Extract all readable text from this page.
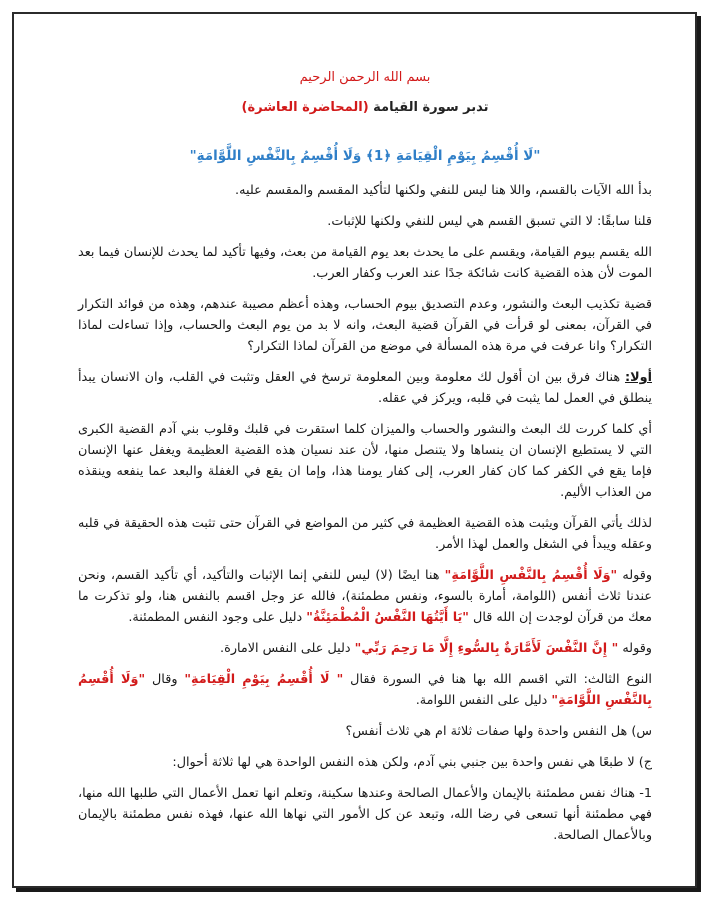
بسم الله الرحمن الرحيم
تدبر سورة القيامة (المحاضرة العاشرة)
"لَا أُقْسِمُ بِيَوْمِ الْقِيَامَةِ ﴿1﴾ وَلَا أُقْسِمُ بِالنَّفْسِ اللَّوَّامَةِ"

بدأ الله الآيات بالقسم، واللا هنا ليس للنفي ولكنها لتأكيد المقسم والمقسم عليه.

قلنا سابقًا: لا التي تسبق القسم هي ليس للنفي ولكنها للإثبات.

الله يقسم بيوم القيامة، ويقسم على ما يحدث بعد يوم القيامة من بعث، وفيها تأكيد لما يحدث للإنسان فيما بعد الموت لأن هذه القضية كانت شائكة جدًا عند العرب وكفار العرب.

قضية تكذيب البعث والنشور، وعدم التصديق بيوم الحساب، وهذه أعظم مصيبة عندهم، وهذه من فوائد التكرار في القرآن، بمعنى لو قرأت في القرآن قضية البعث، وانه لا بد من يوم البعث والحساب، وإذا تساءلت لماذا التكرار؟ وانا عرفت في مرة هذه المسألة في موضع من القرآن لماذا التكرار؟

أولا: هناك فرق بين ان أقول لك معلومة وبين المعلومة ترسخ في العقل وتثبت في القلب، وان الانسان يبدأ ينطلق في العمل لما يثبت في قلبه، ويركز في عقله.

أي كلما كررت لك البعث والنشور والحساب والميزان كلما استقرت في قلبك وقلوب بني آدم القضية الكبرى التي لا يستطيع الإنسان ان ينساها ولا يتنصل منها، لأن عند نسيان هذه القضية العظيمة ويغفل عنها الإنسان فإما يقع في الكفر كما كان كفار العرب، إلى كفار يومنا هذا، وإما ان يقع في الغفلة والبعد عما ينفعه وينقذه من العذاب الأليم.

لذلك يأتي القرآن ويثبت هذه القضية العظيمة في كثير من المواضع في القرآن حتى تثبت هذه الحقيقة في قلبه وعقله ويبدأ في الشغل والعمل لهذا الأمر.

وقوله "وَلَا أُقْسِمُ بِالنَّفْسِ اللَّوَّامَةِ" هنا ايضًا (لا) ليس للنفي إنما الإثبات والتأكيد، أي تأكيد القسم، ونحن عندنا ثلاث أنفس (اللوامة، أمارة بالسوء، ونفس مطمئنة)، فالله عز وجل اقسم بالنفس هنا، ولو تذكرت ما معك من قرآن لوجدت إن الله قال "يَا أَيَّتُهَا النَّفْسُ الْمُطْمَئِنَّةُ" دليل على وجود النفس المطمئنة.

وقوله " إِنَّ النَّفْسَ لَأَمَّارَةٌ بِالسُّوءِ إِلَّا مَا رَحِمَ رَبِّي" دليل على النفس الامارة.

النوع الثالث: التي اقسم الله بها هنا في السورة فقال " لَا أُقْسِمُ بِيَوْمِ الْقِيَامَةِ" وقال "وَلَا أُقْسِمُ بِالنَّفْسِ اللَّوَّامَةِ" دليل على النفس اللوامة.

س) هل النفس واحدة ولها صفات ثلاثة ام هي ثلاث أنفس؟

ج) لا طبعًا هي نفس واحدة بين جنبي بني آدم، ولكن هذه النفس الواحدة هي لها ثلاثة أحوال:

1- هناك نفس مطمئنة بالإيمان والأعمال الصالحة وعندها سكينة، وتعلم انها تعمل الأعمال التي طلبها الله منها، فهي مطمئنة أنها تسعى في رضا الله، وتبعد عن كل الأمور التي نهاها الله عنها، فهذه نفس مطمئنة بالإيمان وبالأعمال الصالحة.
